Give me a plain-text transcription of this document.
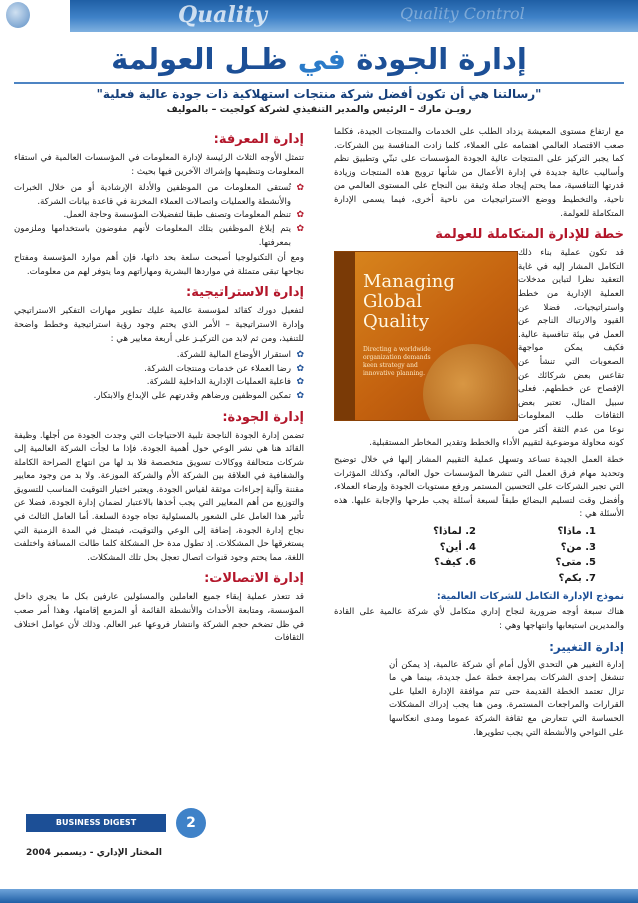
Quality	Quality Control
إدارة الجودة في ظـل العولمة
"رسالتنا هي أن تكون أفضل شركة منتجات استهلاكية ذات جودة عالية فعلية"
رويـن مارك – الرئيس والمدير التنفيذي لشركة كولجيت – بالموليف

مع ارتفاع مستوى المعيشة يزداد الطلب على الخدمات والمنتجات الجيدة، فكلما صعب الاقتصاد العالمي اهتمامه على العملاء، كلما زادت المنافسة بين الشركات. كما يجبر التركيز على المنتجات عالية الجودة المؤسسات على تبنّي وتطبيق نظم وأساليب عالية جديدة في إدارة الأعمال من شأنها ترويج هذه المنتجات وزيادة قدرتها التنافسية، مما يحتم إيجاد صلة وثيقة بين النجاح على المستوى العالمي من ناحية، والتخطيط ووضع الاستراتيجيات من ناحية أخرى، فيما يسمى الإدارة المتكاملة للعولمة.

خطة للإدارة المتكاملة للعولمة
Managing
Global
Quality
Directing a worldwide organization demands keen strategy and innovative planning.

قد تكون عملية بناء ذلك التكامل المشار إليه في غاية التعقيد نظرا لتباين مدخلات العملية الإدارية من خطط واستراتيجيات، فضلا عن القيود والارتباك الناجم عن العمل في بيئة تنافسية عالية. فكيف يمكن مواجهة الصعوبات التي تنشأ عن تقاعس بعض شركائك عن الإفصاح عن خططهم. فعلى سبيل المثال، تعتبر بعض الثقافات طلب المعلومات نوعا من عدم الثقة أكثر من كونه محاولة موضوعية لتقييم الأداء والخطط وتقدير المخاطر المستقبلية.

خطة العمل الجيدة تساعد وتسهل عملية التقييم المشار إليها في خلال توضيح وتحديد مهام فرق العمل التي تنشرها المؤسسات حول العالم، وكذلك المؤثرات التي تجبر الشركات على التحسين المستمر ورفع مستويات الجودة وإرضاء العملاء، وأفضل وقت لتسليم البضائع طبقاً لسبعة أسئلة يجب طرحها والإجابة عليها. هذه الأسئلة هي :

1. ماذا؟
2. لماذا؟
3. من؟
4. أين؟
5. متى؟
6. كيف؟
7. بكم؟
نموذج الإدارة التكامل للشركات العالمية:

هناك سبعة أوجه ضرورية لنجاح إداري متكامل لأي شركة عالمية على القادة والمديرين استيعابها وانتهاجها وهي :

إدارة التغيير:

إدارة التغيير هي التحدي الأول أمام أي شركة عالمية، إذ يمكن أن تنشغل إحدى الشركات بمراجعة خطة عمل جديدة، بينما هي ما تزال تعتمد الخطة القديمة حتى تتم موافقة الإدارة العليا على القرارات والمراجعات المستمرة. ومن هنا يجب إدراك المشكلات الحساسة التي تتعارض مع ثقافة الشركة عموما ومدى انعكاسها على النواحي والأنشطة التي يجب تطويرها.

إدارة المعرفة:

تتمثل الأوجه الثلاث الرئيسة لإدارة المعلومات في المؤسسات العالمية في استقاء المعلومات وتنظيمها وإشراك الآخرين فيها بحيث :

✿ تُستقى المعلومات من الموظفين والأدلة الإرشادية أو من خلال الخبرات والأنشطة والعمليات واتصالات العملاء المخزنة في قاعدة بيانات الشركة.
✿ تنظم المعلومات وتصنف طبقا لتفضيلات المؤسسة وحاجة العمل.
✿ يتم إبلاغ الموظفين بتلك المعلومات لأنهم مفوضون باستخدامها وملزمون بمعرفتها.

ومع أن التكنولوجيا أصبحت سلعة بحد ذاتها، فإن أهم موارد المؤسسة ومفتاح نجاحها تبقى متمثلة في مواردها البشرية ومهاراتهم وما يتوفر لهم من معلومات.

إدارة الاستراتيجية:

لتفعيل دورك كقائد لمؤسسة عالمية عليك تطوير مهارات التفكير الاستراتيجي وإدارة الاستراتيجية – الأمر الذي يحتم وجود رؤية استراتيجية وخطط واضحة للتنفيذ، ومن ثم لابد من التركيـز على أربعة معايير هي :

✿ استقرار الأوضاع المالية للشركة.
✿ رضا العملاء عن خدمات ومنتجات الشركة.
✿ فاعلية العمليات الإدارية الداخلية للشركة.
✿ تمكين الموظفين ورضاهم وقدرتهم على الإبداع والابتكار.
إدارة الجودة:

تضمن إدارة الجودة الناجحة تلبية الاحتياجات التي وجدت الجودة من أجلها. وظيفة القائد هنا هي نشر الوعي حول أهمية الجودة. فإذا ما لجأت الشركة العالمية إلى شركات متحالفة ووكالات تسويق متخصصة فلا بد لها من انتهاج الصراحة الكاملة والشفافية في العلاقة بين الشركة الأم والشركة الموزعة. ولا بد من وجود معايير مقننة وآلية إجراءات موثقة لقياس الجودة. ويعتبر اختيار التوقيت المناسب للتسويق والتوزيع من أهم المعايير التي يجب أخذها بالاعتبار لضمان إدارة الجودة، فضلا عن تأثير هذا العامل على الشعور بالمسئولية تجاه جودة السلعة. أما العامل الثالث في نجاح إدارة الجودة، إضافة إلى الوعي والتوقيت، فيتمثل في المدة الزمنية التي يستغرقها حل المشكلات. إذ تطول مدة حل المشكلة كلما طالت المسافة واختلفت اللغة، مما يحتم وجود قنوات اتصال تعجل بحل تلك المشكلات.

إدارة الاتصالات:

قد تتعذر عملية إبقاء جميع العاملين والمسئولين عارفين بكل ما يجري داخل المؤسسة، ومتابعة الأحداث والأنشطة القائمة أو المزمع إقامتها، وهذا أمر صعب في ظل تضخم حجم الشركة وانتشار فروعها عبر العالم. وذلك لأن عوامل اختلاف الثقافات

2
BUSINESS DIGEST
المختار الإداري - ديسمبر 2004
